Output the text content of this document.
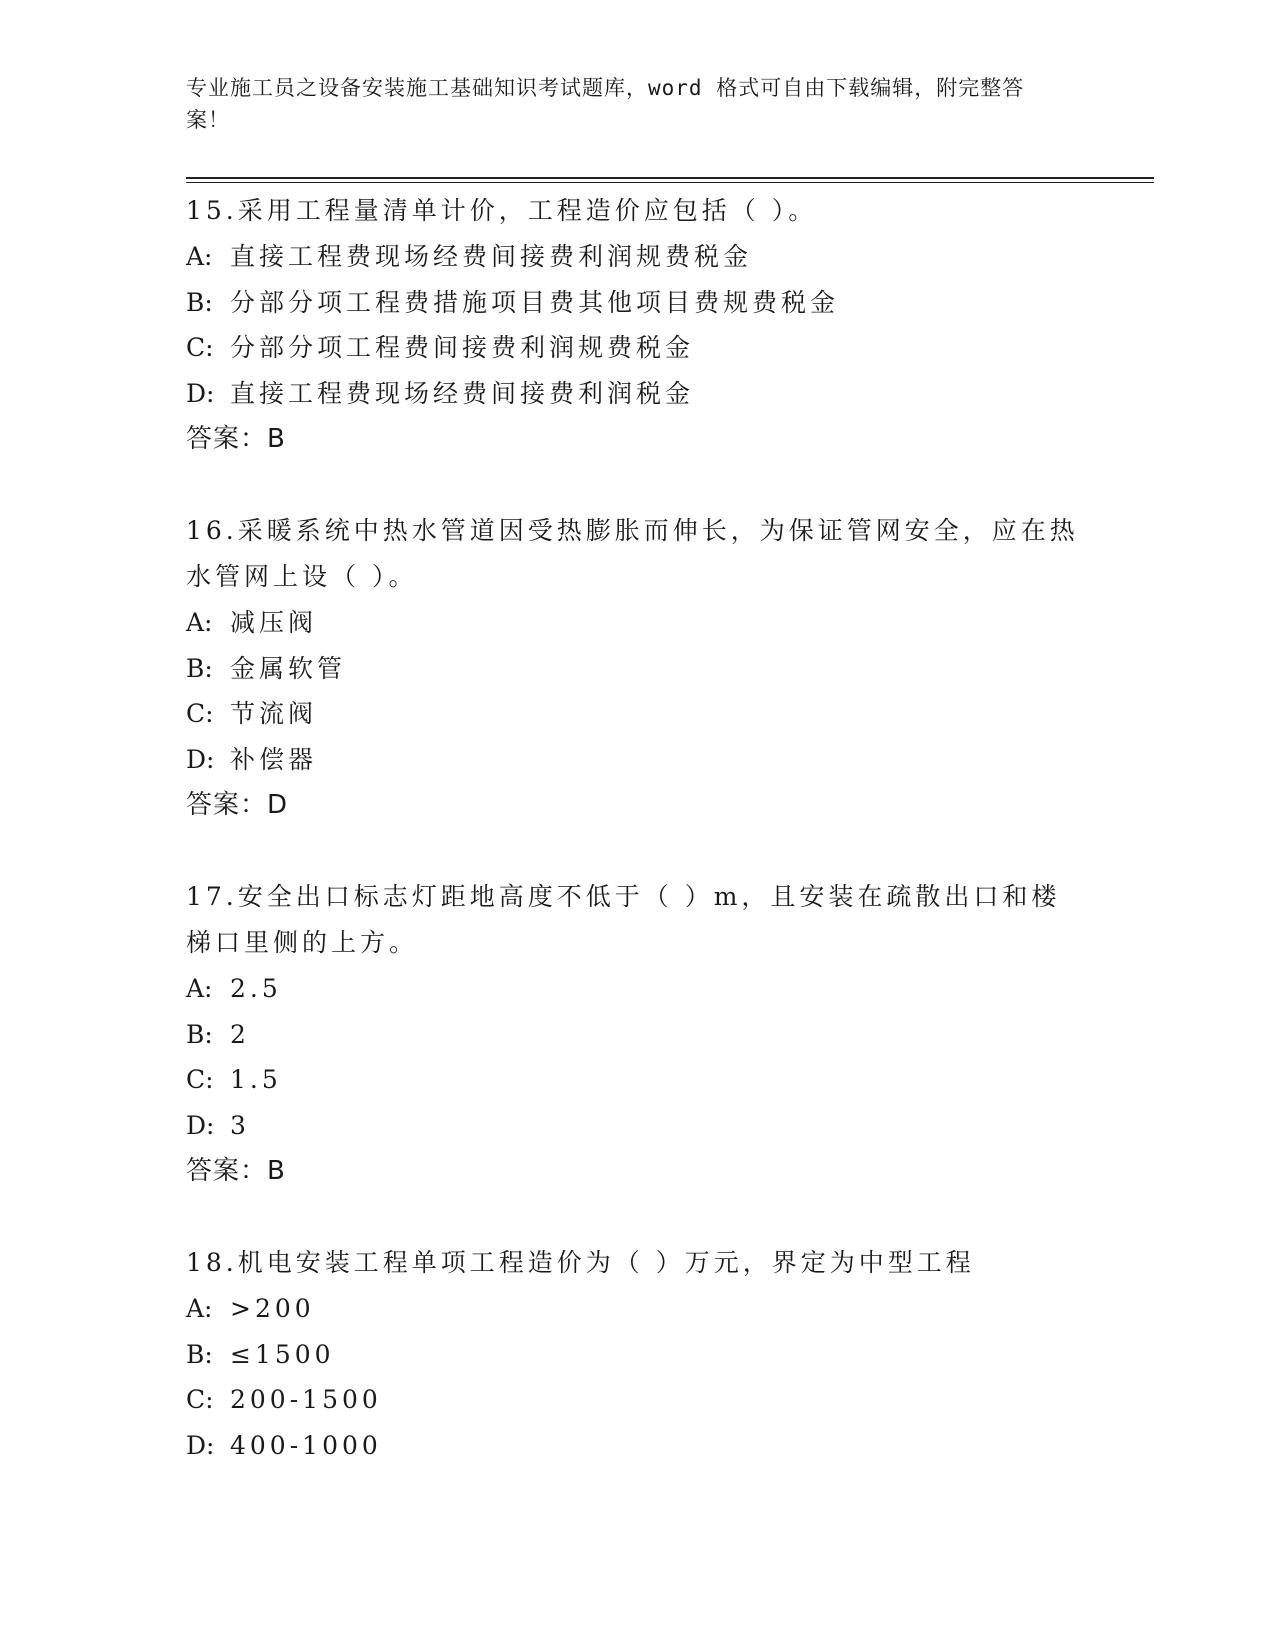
专业施工员之设备安装施工基础知识考试题库，word 格式可自由下载编辑，附完整答案！

15.采用工程量清单计价，工程造价应包括（ ）。

A: 直接工程费现场经费间接费利润规费税金
B: 分部分项工程费措施项目费其他项目费规费税金
C: 分部分项工程费间接费利润规费税金
D: 直接工程费现场经费间接费利润税金
答案：B

16.采暖系统中热水管道因受热膨胀而伸长，为保证管网安全，应在热水管网上设（ ）。

A: 减压阀
B: 金属软管
C: 节流阀
D: 补偿器
答案：D

17.安全出口标志灯距地高度不低于（ ）m，且安装在疏散出口和楼梯口里侧的上方。

A: 2.5
B: 2
C: 1.5
D: 3
答案：B

18.机电安装工程单项工程造价为（ ）万元，界定为中型工程

A: >200
B: ≤1500
C: 200-1500
D: 400-1000
